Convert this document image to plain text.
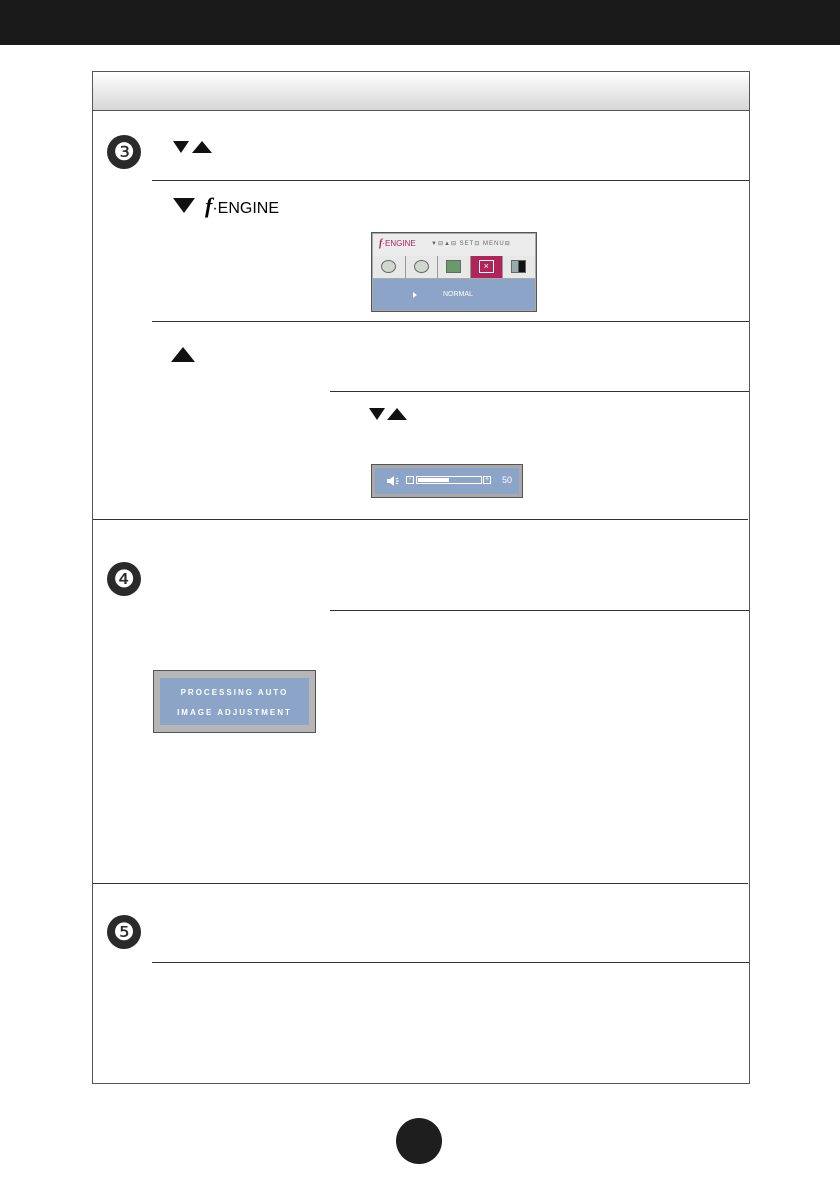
❸
f·ENGINE
f·ENGINE	▼⊟▲⊟ SET⊡ MENU⊟
×
NORMAL
-	+ 50
❹
PROCESSING AUTO
IMAGE ADJUSTMENT
❺
